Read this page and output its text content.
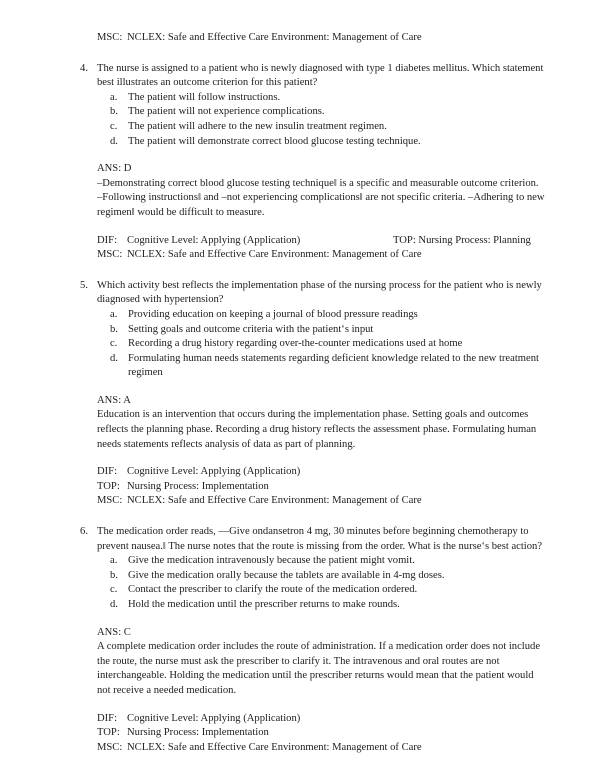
MSC: NCLEX: Safe and Effective Care Environment: Management of Care
4. The nurse is assigned to a patient who is newly diagnosed with type 1 diabetes mellitus. Which statement best illustrates an outcome criterion for this patient?
a.	The patient will follow instructions.
b. The patient will not experience complications.
c.	The patient will adhere to the new insulin treatment regimen.
d. The patient will demonstrate correct blood glucose testing technique.
ANS: D
‒Demonstrating correct blood glucose testing technique‖ is a specific and measurable outcome criterion. ‒Following instructions‖ and ‒not experiencing complications‖ are not specific criteria. ‒Adhering to new regimen‖ would be difficult to measure.
DIF: Cognitive Level: Applying (Application)	TOP: Nursing Process: Planning
MSC: NCLEX: Safe and Effective Care Environment: Management of Care
5. Which activity best reflects the implementation phase of the nursing process for the patient who is newly diagnosed with hypertension?
a.	Providing education on keeping a journal of blood pressure readings
b. Setting goals and outcome criteria with the patient‘s input
c.	Recording a drug history regarding over-the-counter medications used at home
d. Formulating human needs statements regarding deficient knowledge related to the new treatment regimen
ANS: A
Education is an intervention that occurs during the implementation phase. Setting goals and outcomes reflects the planning phase. Recording a drug history reflects the assessment phase. Formulating human needs statements reflects analysis of data as part of planning.
DIF: Cognitive Level: Applying (Application)
TOP: Nursing Process: Implementation
MSC: NCLEX: Safe and Effective Care Environment: Management of Care
6. The medication order reads, —Give ondansetron 4 mg, 30 minutes before beginning chemotherapy to prevent nausea.‖ The nurse notes that the route is missing from the order. What is the nurse‘s best action?
a.	Give the medication intravenously because the patient might vomit.
b. Give the medication orally because the tablets are available in 4-mg doses.
c.	Contact the prescriber to clarify the route of the medication ordered.
d. Hold the medication until the prescriber returns to make rounds.
ANS: C
A complete medication order includes the route of administration. If a medication order does not include the route, the nurse must ask the prescriber to clarify it. The intravenous and oral routes are not interchangeable. Holding the medication until the prescriber returns would mean that the patient would not receive a needed medication.
DIF: Cognitive Level: Applying (Application)
TOP: Nursing Process: Implementation
MSC: NCLEX: Safe and Effective Care Environment: Management of Care
